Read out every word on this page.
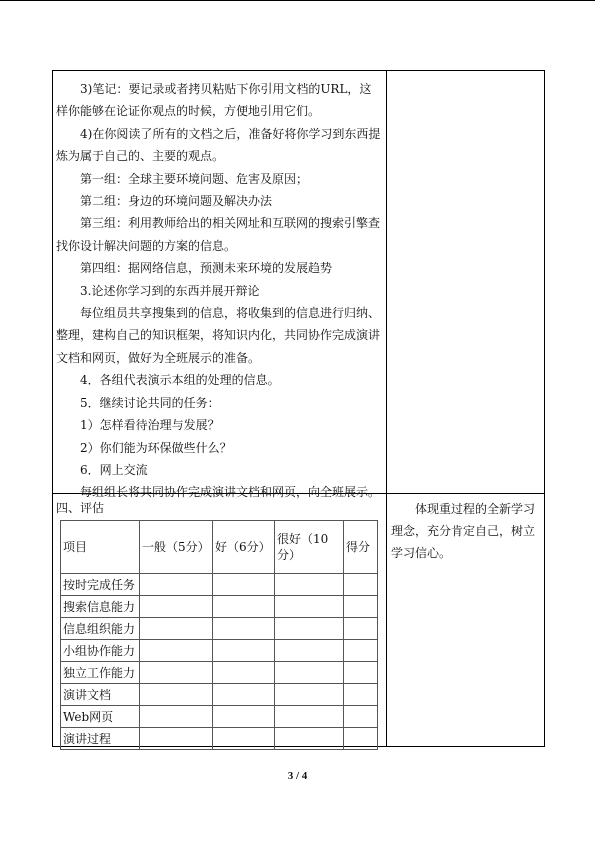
3)笔记：要记录或者拷贝粘贴下你引用文档的URL，这样你能够在论证你观点的时候，方便地引用它们。

4)在你阅读了所有的文档之后，准备好将你学习到东西提炼为属于自己的、主要的观点。

第一组：全球主要环境问题、危害及原因；

第二组：身边的环境问题及解决办法

第三组：利用教师给出的相关网址和互联网的搜索引擎查找你设计解决问题的方案的信息。

第四组：据网络信息，预测未来环境的发展趋势

3.论述你学习到的东西并展开辩论

每位组员共享搜集到的信息，将收集到的信息进行归纳、整理，建构自己的知识框架，将知识内化，共同协作完成演讲文档和网页，做好为全班展示的准备。

4．各组代表演示本组的处理的信息。

5．继续讨论共同的任务：

1）怎样看待治理与发展？

2）你们能为环保做些什么？

6．网上交流

每组组长将共同协作完成演讲文档和网页，向全班展示。

四、评估
项目	一般（5分）	好（6分）	很好（10分）	得分
按时完成任务				
搜索信息能力				
信息组织能力				
小组协作能力				
独立工作能力				
演讲文档				
Web网页				
演讲过程				

体现重过程的全新学习理念，充分肯定自己，树立学习信心。

3 / 4
